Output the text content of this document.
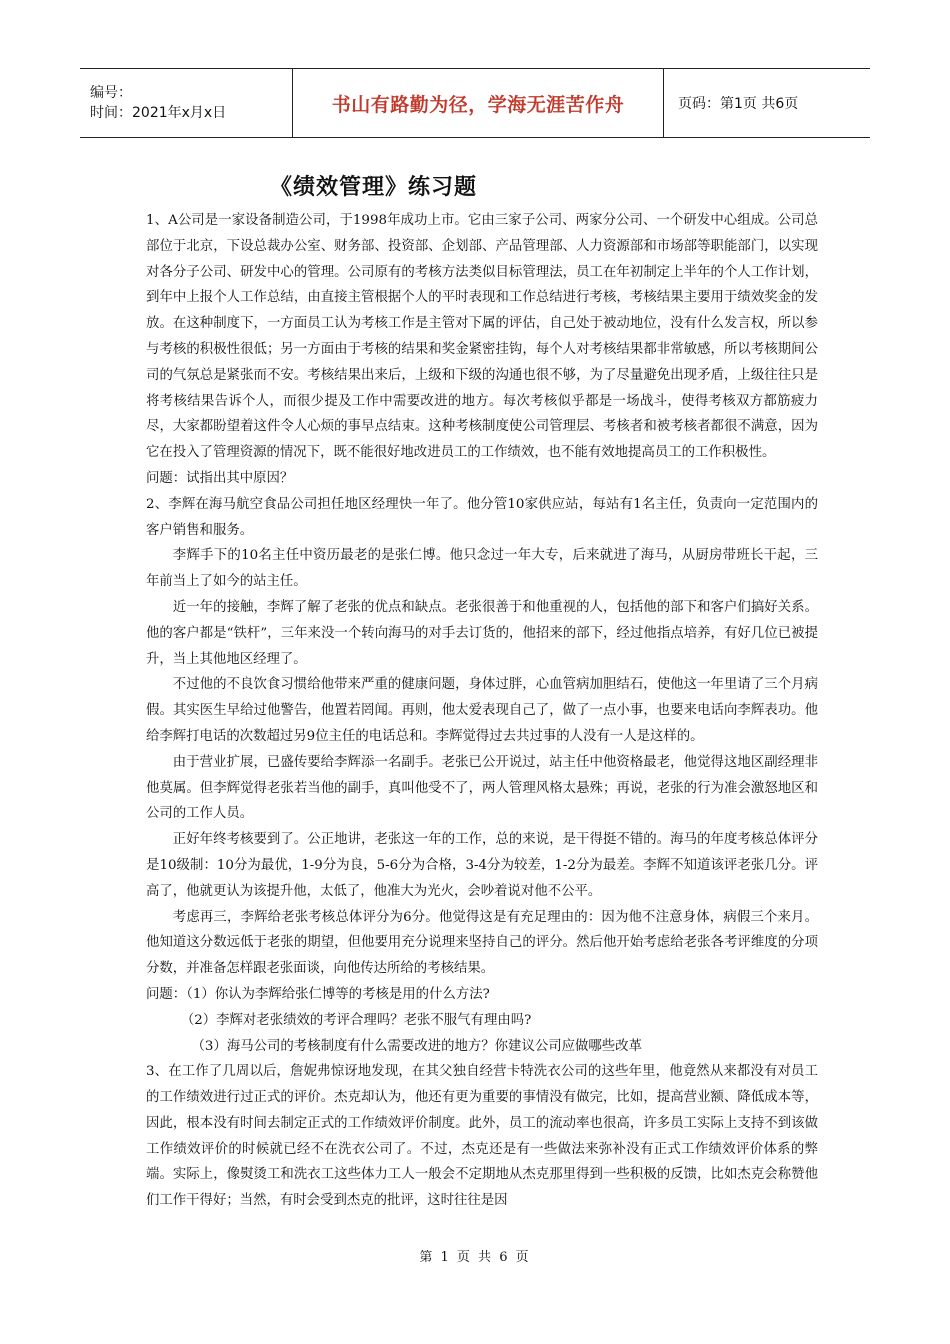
编号：
时间：2021年x月x日	书山有路勤为径，学海无涯苦作舟	页码：第1页 共6页
《绩效管理》练习题

1、A公司是一家设备制造公司，于1998年成功上市。它由三家子公司、两家分公司、一个研发中心组成。公司总部位于北京，下设总裁办公室、财务部、投资部、企划部、产品管理部、人力资源部和市场部等职能部门，以实现对各分子公司、研发中心的管理。公司原有的考核方法类似目标管理法，员工在年初制定上半年的个人工作计划，到年中上报个人工作总结，由直接主管根据个人的平时表现和工作总结进行考核，考核结果主要用于绩效奖金的发放。在这种制度下，一方面员工认为考核工作是主管对下属的评估，自己处于被动地位，没有什么发言权，所以参与考核的积极性很低；另一方面由于考核的结果和奖金紧密挂钩，每个人对考核结果都非常敏感，所以考核期间公司的气氛总是紧张而不安。考核结果出来后，上级和下级的沟通也很不够，为了尽量避免出现矛盾，上级往往只是将考核结果告诉个人，而很少提及工作中需要改进的地方。每次考核似乎都是一场战斗，使得考核双方都筋疲力尽，大家都盼望着这件令人心烦的事早点结束。这种考核制度使公司管理层、考核者和被考核者都很不满意，因为它在投入了管理资源的情况下，既不能很好地改进员工的工作绩效，也不能有效地提高员工的工作积极性。

问题：试指出其中原因？

2、李辉在海马航空食品公司担任地区经理快一年了。他分管10家供应站，每站有1名主任，负责向一定范围内的客户销售和服务。

李辉手下的10名主任中资历最老的是张仁博。他只念过一年大专，后来就进了海马，从厨房带班长干起，三年前当上了如今的站主任。

近一年的接触，李辉了解了老张的优点和缺点。老张很善于和他重视的人，包括他的部下和客户们搞好关系。他的客户都是“铁杆”，三年来没一个转向海马的对手去订货的，他招来的部下，经过他指点培养，有好几位已被提升，当上其他地区经理了。

不过他的不良饮食习惯给他带来严重的健康问题，身体过胖，心血管病加胆结石，使他这一年里请了三个月病假。其实医生早给过他警告，他置若罔闻。再则，他太爱表现自己了，做了一点小事，也要来电话向李辉表功。他给李辉打电话的次数超过另9位主任的电话总和。李辉觉得过去共过事的人没有一人是这样的。

由于营业扩展，已盛传要给李辉添一名副手。老张已公开说过，站主任中他资格最老，他觉得这地区副经理非他莫属。但李辉觉得老张若当他的副手，真叫他受不了，两人管理风格太悬殊；再说，老张的行为准会激怒地区和公司的工作人员。

正好年终考核要到了。公正地讲，老张这一年的工作，总的来说，是干得挺不错的。海马的年度考核总体评分是10级制：10分为最优，1-9分为良，5-6分为合格，3-4分为较差，1-2分为最差。李辉不知道该评老张几分。评高了，他就更认为该提升他，太低了，他准大为光火，会吵着说对他不公平。

考虑再三，李辉给老张考核总体评分为6分。他觉得这是有充足理由的：因为他不注意身体，病假三个来月。他知道这分数远低于老张的期望，但他要用充分说理来坚持自己的评分。然后他开始考虑给老张各考评维度的分项分数，并准备怎样跟老张面谈，向他传达所给的考核结果。

问题：（1）你认为李辉给张仁博等的考核是用的什么方法?

（2）李辉对老张绩效的考评合理吗？老张不服气有理由吗?

（3）海马公司的考核制度有什么需要改进的地方？你建议公司应做哪些改革

3、在工作了几周以后，詹妮弗惊讶地发现，在其父独自经营卡特洗衣公司的这些年里，他竟然从来都没有对员工的工作绩效进行过正式的评价。杰克却认为，他还有更为重要的事情没有做完，比如，提高营业额、降低成本等，因此，根本没有时间去制定正式的工作绩效评价制度。此外，员工的流动率也很高，许多员工实际上支持不到该做工作绩效评价的时候就已经不在洗衣公司了。不过，杰克还是有一些做法来弥补没有正式工作绩效评价体系的弊端。实际上，像熨烫工和洗衣工这些体力工人一般会不定期地从杰克那里得到一些积极的反馈，比如杰克会称赞他们工作干得好；当然，有时会受到杰克的批评，这时往往是因

第 1 页 共 6 页
